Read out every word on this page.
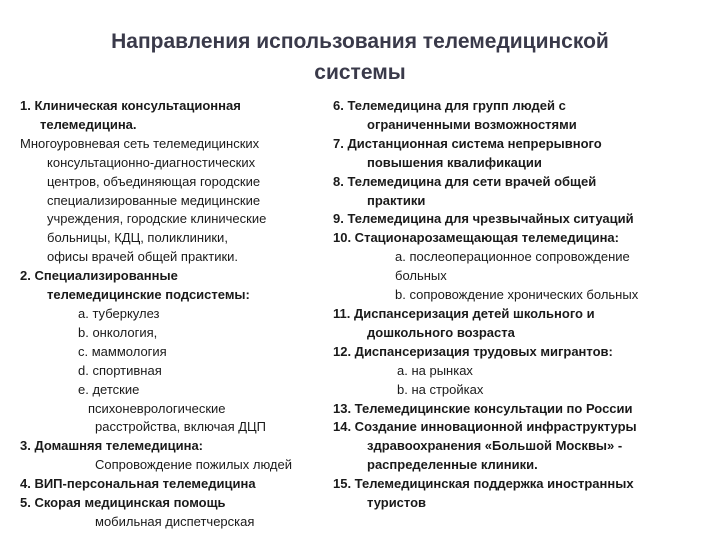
Направления использования телемедицинской
системы
1. Клиническая консультационная
телемедицина.
Многоуровневая сеть телемедицинских
консультационно-диагностических
центров, объединяющая городские
специализированные медицинские
учреждения, городские клинические
больницы, КДЦ, поликлиники,
офисы врачей общей практики.
2. Специализированные
телемедицинские подсистемы:
a. туберкулез
b. онкология,
c. маммология
d. спортивная
e. детские
психоневрологические
расстройства, включая ДЦП
3. Домашняя телемедицина:
Сопровождение пожилых людей
4. ВИП-персональная телемедицина
5. Скорая медицинская помощь
мобильная диспетчерская
6. Телемедицина для групп людей с
ограниченными возможностями
7. Дистанционная система непрерывного
повышения квалификации
8. Телемедицина для сети врачей общей
практики
9. Телемедицина для чрезвычайных ситуаций
10. Стационарозамещающая телемедицина:
a. послеоперационное сопровождение
больных
b. сопровождение хронических больных
11. Диспансеризация детей школьного и
дошкольного возраста
12. Диспансеризация трудовых мигрантов:
a. на рынках
b. на стройках
13. Телемедицинские консультации по России
14. Создание инновационной инфраструктуры
здравоохранения «Большой Москвы» -
распределенные клиники.
15. Телемедицинская поддержка иностранных
туристов
